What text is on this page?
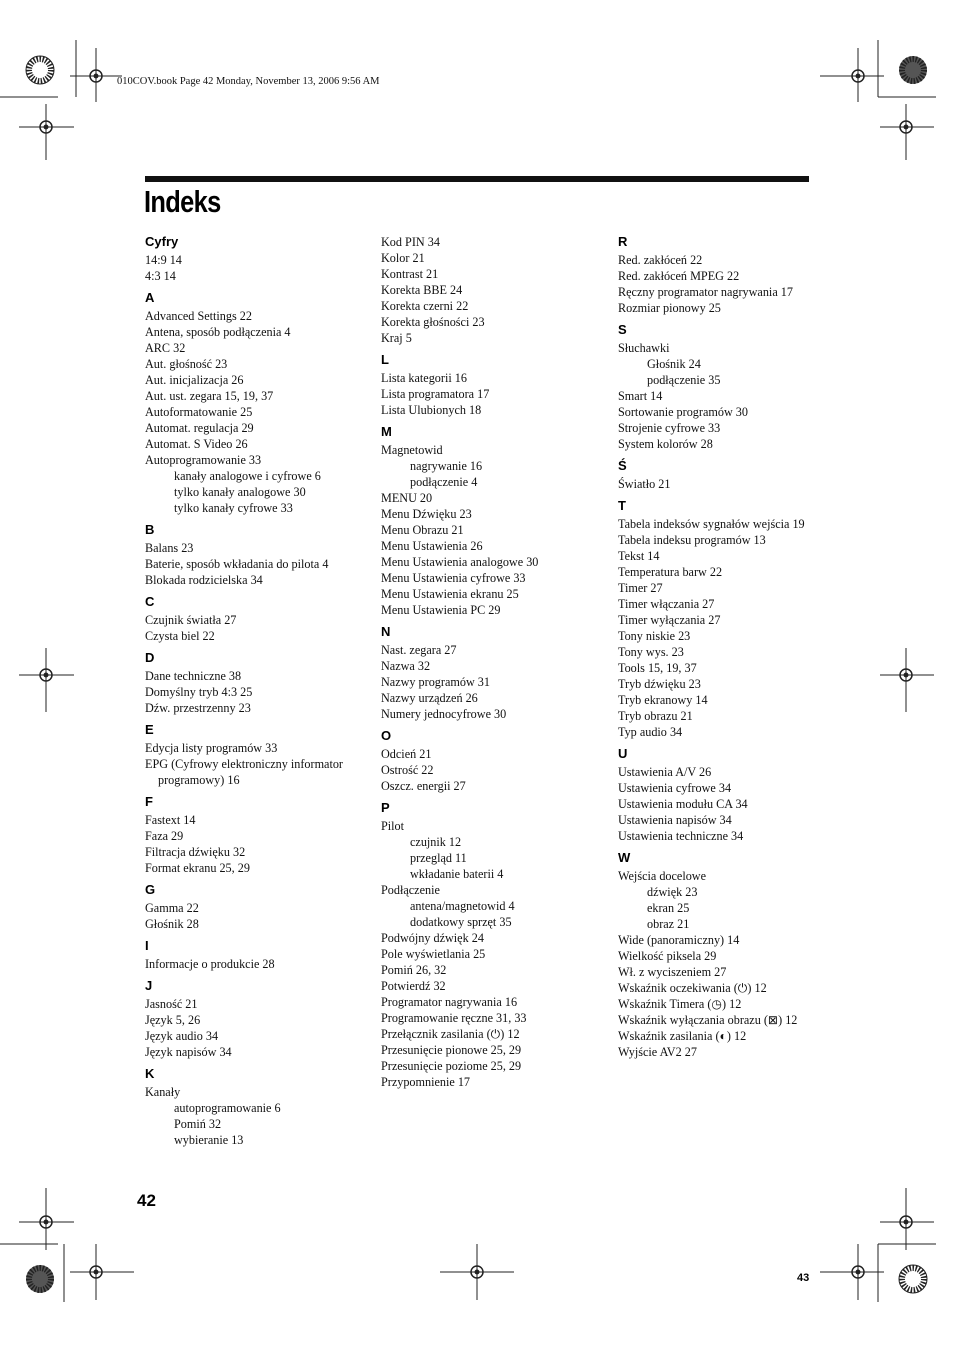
010COV.book Page 42 Monday, November 13, 2006 9:56 AM
Indeks
Cyfry
14:9 14
4:3 14
A
Advanced Settings 22
Antena, sposób podłączenia 4
ARC 32
Aut. głośność 23
Aut. inicjalizacja 26
Aut. ust. zegara 15, 19, 37
Autoformatowanie 25
Automat. regulacja 29
Automat. S Video 26
Autoprogramowanie 33
kanały analogowe i cyfrowe 6
tylko kanały analogowe 30
tylko kanały cyfrowe 33
B
Balans 23
Baterie, sposób wkładania do pilota 4
Blokada rodzicielska 34
C
Czujnik światła 27
Czysta biel 22
D
Dane techniczne 38
Domyślny tryb 4:3 25
Dźw. przestrzenny 23
E
Edycja listy programów 33
EPG (Cyfrowy elektroniczny informator programowy) 16
F
Fastext 14
Faza 29
Filtracja dźwięku 32
Format ekranu 25, 29
G
Gamma 22
Głośnik 28
I
Informacje o produkcie 28
J
Jasność 21
Język 5, 26
Język audio 34
Język napisów 34
K
Kanały
autoprogramowanie 6
Pomiń 32
wybieranie 13
Kod PIN 34
Kolor 21
Kontrast 21
Korekta BBE 24
Korekta czerni 22
Korekta głośności 23
Kraj 5
L
Lista kategorii 16
Lista programatora 17
Lista Ulubionych 18
M
Magnetowid
nagrywanie 16
podłączenie 4
MENU 20
Menu Dźwięku 23
Menu Obrazu 21
Menu Ustawienia 26
Menu Ustawienia analogowe 30
Menu Ustawienia cyfrowe 33
Menu Ustawienia ekranu 25
Menu Ustawienia PC 29
N
Nast. zegara 27
Nazwa 32
Nazwy programów 31
Nazwy urządzeń 26
Numery jednocyfrowe 30
O
Odcień 21
Ostrość 22
Oszcz. energii 27
P
Pilot
czujnik 12
przegląd 11
wkładanie baterii 4
Podłączenie
antena/magnetowid 4
dodatkowy sprzęt 35
Podwójny dźwięk 24
Pole wyświetlania 25
Pomiń 26, 32
Potwierdź 32
Programator nagrywania 16
Programowanie ręczne 31, 33
Przełącznik zasilania (⏻) 12
Przesunięcie pionowe 25, 29
Przesunięcie poziome 25, 29
Przypomnienie 17
R
Red. zakłóceń 22
Red. zakłóceń MPEG 22
Ręczny programator nagrywania 17
Rozmiar pionowy 25
S
Słuchawki
Głośnik 24
podłączenie 35
Smart 14
Sortowanie programów 30
Strojenie cyfrowe 33
System kolorów 28
Ś
Światło 21
T
Tabela indeksów sygnałów wejścia 19
Tabela indeksu programów 13
Tekst 14
Temperatura barw 22
Timer 27
Timer włączania 27
Timer wyłączania 27
Tony niskie 23
Tony wys. 23
Tools 15, 19, 37
Tryb dźwięku 23
Tryb ekranowy 14
Tryb obrazu 21
Typ audio 34
U
Ustawienia A/V 26
Ustawienia cyfrowe 34
Ustawienia modułu CA 34
Ustawienia napisów 34
Ustawienia techniczne 34
W
Wejścia docelowe
dźwięk 23
ekran 25
obraz 21
Wide (panoramiczny) 14
Wielkość piksela 29
Wł. z wyciszeniem 27
Wskaźnik oczekiwania (⏻) 12
Wskaźnik Timera (◷) 12
Wskaźnik wyłączania obrazu (⊠) 12
Wskaźnik zasilania (◐) 12
Wyjście AV2 27
42
43
